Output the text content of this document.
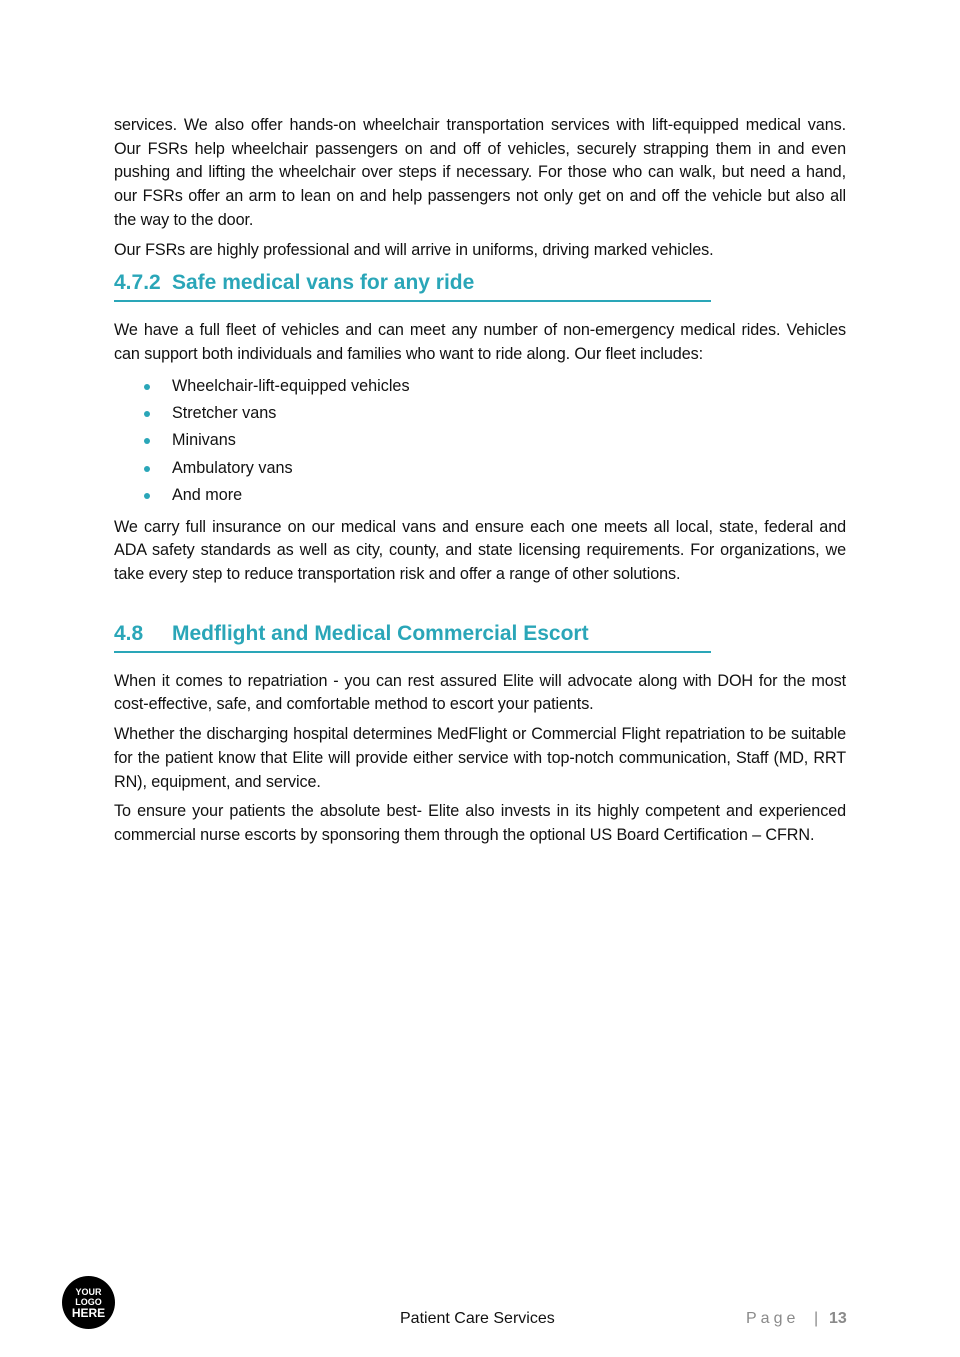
services. We also offer hands-on wheelchair transportation services with lift-equipped medical vans. Our FSRs help wheelchair passengers on and off of vehicles, securely strapping them in and even pushing and lifting the wheelchair over steps if necessary. For those who can walk, but need a hand, our FSRs offer an arm to lean on and help passengers not only get on and off the vehicle but also all the way to the door.

Our FSRs are highly professional and will arrive in uniforms, driving marked vehicles.

4.7.2 Safe medical vans for any ride

We have a full fleet of vehicles and can meet any number of non-emergency medical rides. Vehicles can support both individuals and families who want to ride along. Our fleet includes:

Wheelchair-lift-equipped vehicles
Stretcher vans
Minivans
Ambulatory vans
And more

We carry full insurance on our medical vans and ensure each one meets all local, state, federal and ADA safety standards as well as city, county, and state licensing requirements. For organizations, we take every step to reduce transportation risk and offer a range of other solutions.

4.8	Medflight and Medical Commercial Escort

When it comes to repatriation - you can rest assured Elite will advocate along with DOH for the most cost-effective, safe, and comfortable method to escort your patients.

Whether the discharging hospital determines MedFlight or Commercial Flight repatriation to be suitable for the patient know that Elite will provide either service with top-notch communication, Staff (MD, RRT RN), equipment, and service.

To ensure your patients the absolute best- Elite also invests in its highly competent and experienced commercial nurse escorts by sponsoring them through the optional US Board Certification – CFRN.

YOUR
LOGO
HERE	Patient Care Services	Page | 13
